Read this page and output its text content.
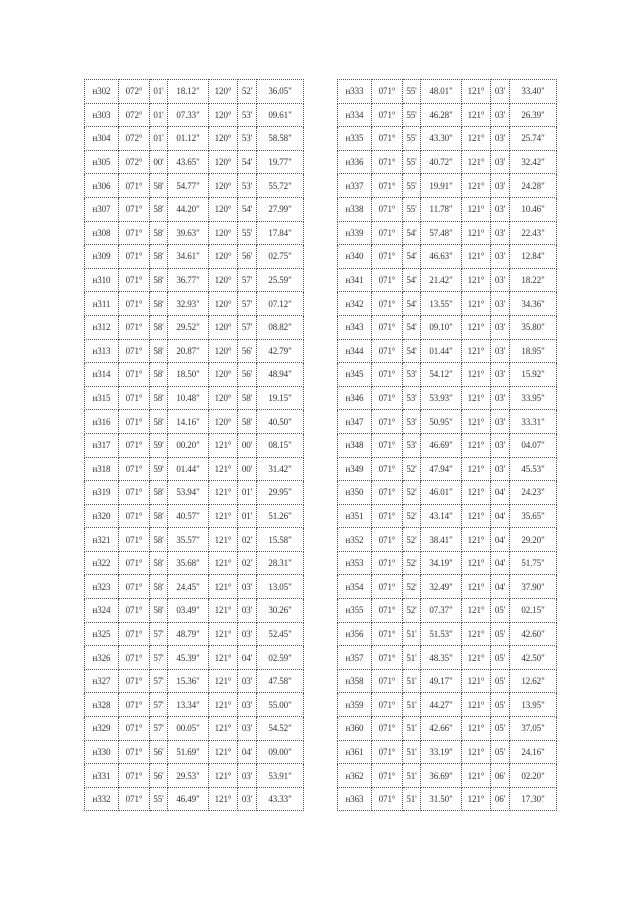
н302	072°	01'	18.12"	120°	52'	36.05"
н303	072°	01'	07.33"	120°	53'	09.61"
н304	072°	01'	01.12"	120°	53'	58.58"
н305	072°	00'	43.65"	120°	54'	19.77"
н306	071°	58'	54.77"	120°	53'	55.72"
н307	071°	58'	44.20"	120°	54'	27.99"
н308	071°	58'	39.63"	120°	55'	17.84"
н309	071°	58'	34.61"	120°	56'	02.75"
н310	071°	58'	36.77"	120°	57'	25.59"
н311	071°	58'	32.93"	120°	57'	07.12"
н312	071°	58'	29.52"	120°	57'	08.82"
н313	071°	58'	20.87"	120°	56'	42.79"
н314	071°	58'	18.50"	120°	56'	48.94"
н315	071°	58'	10.48"	120°	58'	19.15"
н316	071°	58'	14.16"	120°	58'	40.50"
н317	071°	59'	00.20"	121°	00'	08.15"
н318	071°	59'	01.44"	121°	00'	31.42"
н319	071°	58'	53.94"	121°	01'	29.95"
н320	071°	58'	40.57"	121°	01'	51.26"
н321	071°	58'	35.57"	121°	02'	15.58"
н322	071°	58'	35.68"	121°	02'	28.31"
н323	071°	58'	24.45"	121°	03'	13.05"
н324	071°	58'	03.49"	121°	03'	30.26"
н325	071°	57'	48.79"	121°	03'	52.45"
н326	071°	57'	45.39"	121°	04'	02.59"
н327	071°	57'	15.36"	121°	03'	47.58"
н328	071°	57'	13.34"	121°	03'	55.00"
н329	071°	57'	00.05"	121°	03'	54.52"
н330	071°	56'	51.69"	121°	04'	09.00"
н331	071°	56'	29.53"	121°	03'	53.91"
н332	071°	55'	46.49"	121°	03'	43.33"
н333	071°	55'	48.01"	121°	03'	33.40"
н334	071°	55'	46.28"	121°	03'	26.39"
н335	071°	55'	43.30"	121°	03'	25.74"
н336	071°	55'	40.72"	121°	03'	32.42"
н337	071°	55'	19.91"	121°	03'	24.28"
н338	071°	55'	11.78"	121°	03'	10.46"
н339	071°	54'	57.48"	121°	03'	22.43"
н340	071°	54'	46.63"	121°	03'	12.84"
н341	071°	54'	21.42"	121°	03'	18.22"
н342	071°	54'	13.55"	121°	03'	34.36"
н343	071°	54'	09.10"	121°	03'	35.80"
н344	071°	54'	01.44"	121°	03'	18.95"
н345	071°	53'	54.12"	121°	03'	15.92"
н346	071°	53'	53.93"	121°	03'	33.95"
н347	071°	53'	50.95"	121°	03'	33.31"
н348	071°	53'	46.69"	121°	03'	04.07"
н349	071°	52'	47.94"	121°	03'	45.53"
н350	071°	52'	46.01"	121°	04'	24.23"
н351	071°	52'	43.14"	121°	04'	35.65"
н352	071°	52'	38.41"	121°	04'	29.20"
н353	071°	52'	34.19"	121°	04'	51.75"
н354	071°	52'	32.49"	121°	04'	37.90"
н355	071°	52'	07.37"	121°	05'	02.15"
н356	071°	51'	51.53"	121°	05'	42.60"
н357	071°	51'	48.35"	121°	05'	42.50"
н358	071°	51'	49.17"	121°	05'	12.62"
н359	071°	51'	44.27"	121°	05'	13.95"
н360	071°	51'	42.66"	121°	05'	37.05"
н361	071°	51'	33.19"	121°	05'	24.16"
н362	071°	51'	36.69"	121°	06'	02.20"
н363	071°	51'	31.50"	121°	06'	17.30"
